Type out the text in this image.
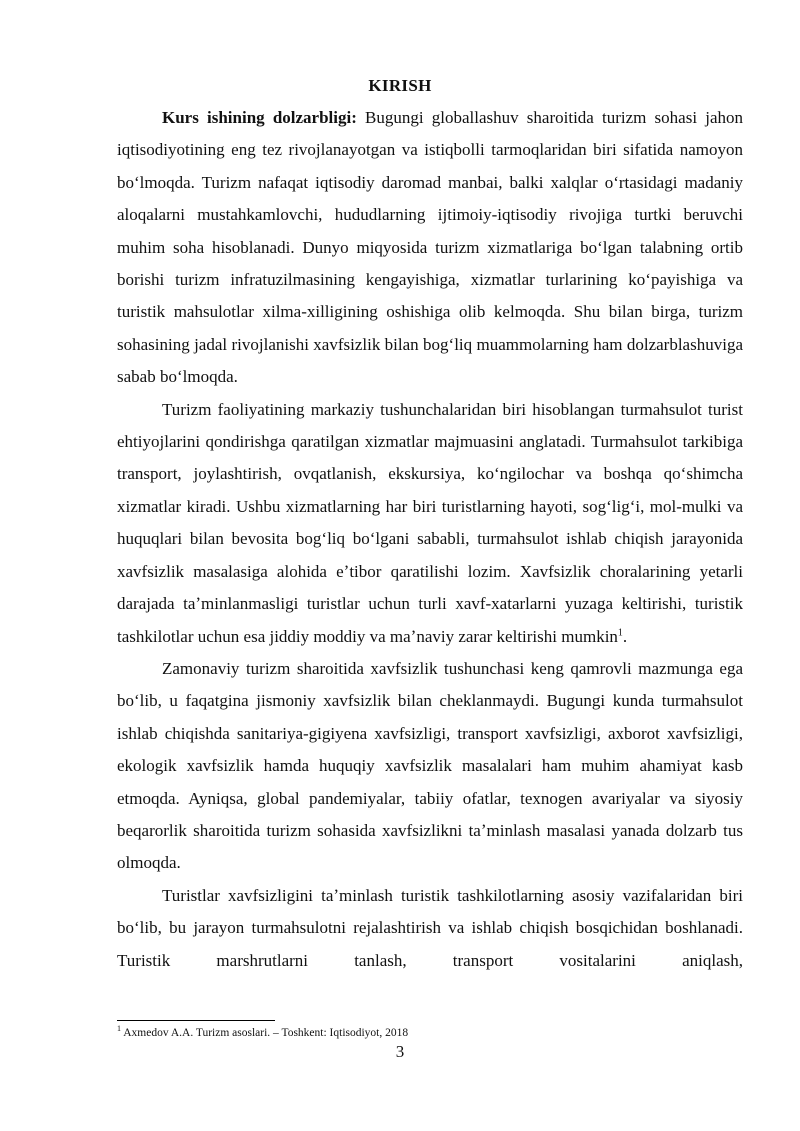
KIRISH

Kurs ishining dolzarbligi: Bugungi globallashuv sharoitida turizm sohasi jahon iqtisodiyotining eng tez rivojlanayotgan va istiqbolli tarmoqlaridan biri sifatida namoyon boʻlmoqda. Turizm nafaqat iqtisodiy daromad manbai, balki xalqlar oʻrtasidagi madaniy aloqalarni mustahkamlovchi, hududlarning ijtimoiy-iqtisodiy rivojiga turtki beruvchi muhim soha hisoblanadi. Dunyo miqyosida turizm xizmatlariga boʻlgan talabning ortib borishi turizm infratuzilmasining kengayishiga, xizmatlar turlarining koʻpayishiga va turistik mahsulotlar xilma-xilligining oshishiga olib kelmoqda. Shu bilan birga, turizm sohasining jadal rivojlanishi xavfsizlik bilan bogʻliq muammolarning ham dolzarblashuviga sabab boʻlmoqda.

Turizm faoliyatining markaziy tushunchalaridan biri hisoblangan turmahsulot turist ehtiyojlarini qondirishga qaratilgan xizmatlar majmuasini anglatadi. Turmahsulot tarkibiga transport, joylashtirish, ovqatlanish, ekskursiya, koʻngilochar va boshqa qoʻshimcha xizmatlar kiradi. Ushbu xizmatlarning har biri turistlarning hayoti, sogʻligʻi, mol-mulki va huquqlari bilan bevosita bogʻliq boʻlgani sababli, turmahsulot ishlab chiqish jarayonida xavfsizlik masalasiga alohida eʼtibor qaratilishi lozim. Xavfsizlik choralarining yetarli darajada taʼminlanmasligi turistlar uchun turli xavf-xatarlarni yuzaga keltirishi, turistik tashkilotlar uchun esa jiddiy moddiy va maʼnaviy zarar keltirishi mumkin$^1$.

Zamonaviy turizm sharoitida xavfsizlik tushunchasi keng qamrovli mazmunga ega boʻlib, u faqatgina jismoniy xavfsizlik bilan cheklanmaydi. Bugungi kunda turmahsulot ishlab chiqishda sanitariya-gigiyena xavfsizligi, transport xavfsizligi, axborot xavfsizligi, ekologik xavfsizlik hamda huquqiy xavfsizlik masalalari ham muhim ahamiyat kasb etmoqda. Ayniqsa, global pandemiyalar, tabiiy ofatlar, texnogen avariyalar va siyosiy beqarorlik sharoitida turizm sohasida xavfsizlikni taʼminlash masalasi yanada dolzarb tus olmoqda.

Turistlar xavfsizligini taʼminlash turistik tashkilotlarning asosiy vazifalaridan biri boʻlib, bu jarayon turmahsulotni rejalashtirish va ishlab chiqish bosqichidan boshlanadi. Turistik marshrutlarni tanlash, transport vositalarini aniqlash,

$^1$ Axmedov A.A. Turizm asoslari. – Toshkent: Iqtisodiyot, 2018
3
